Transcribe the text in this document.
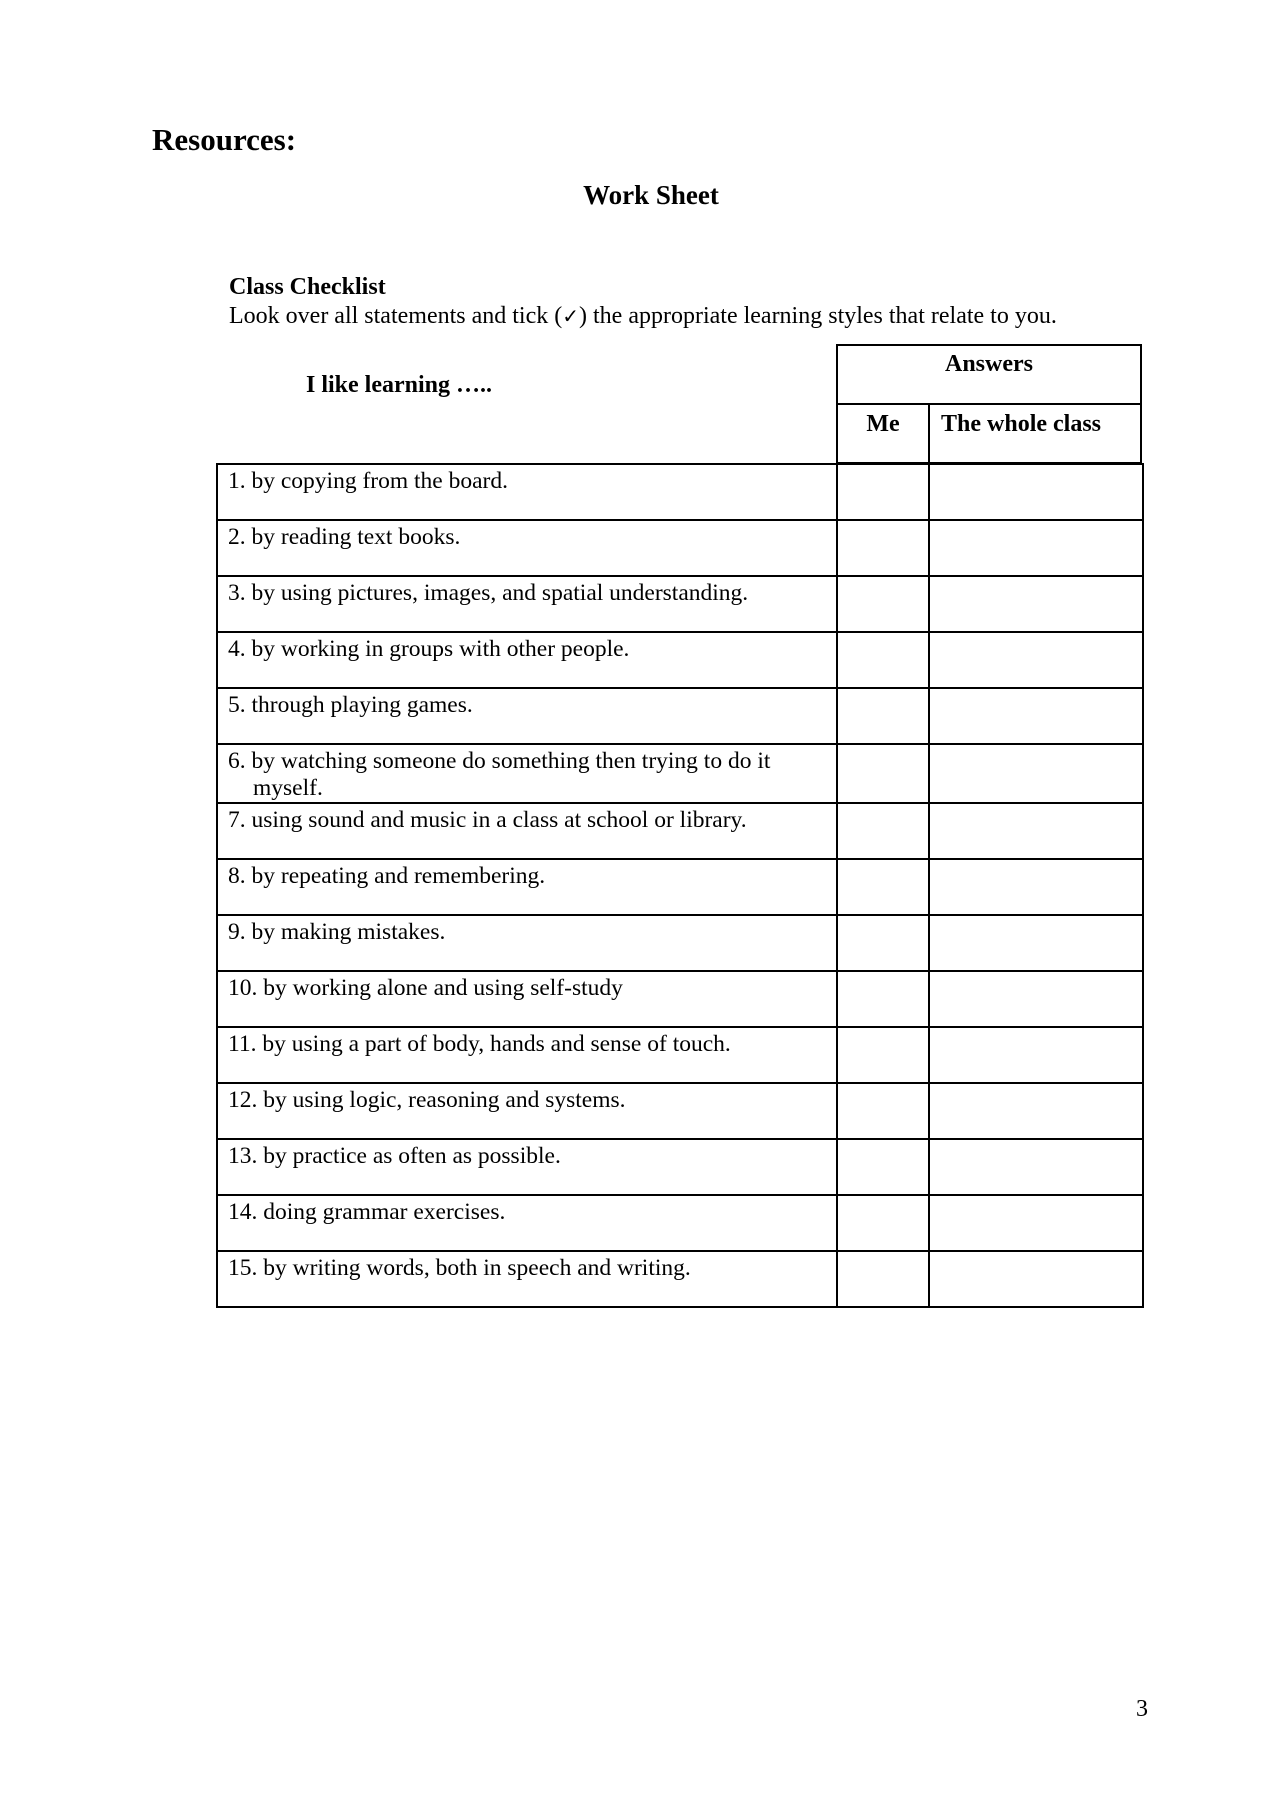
Resources:
Work Sheet
Class Checklist
Look over all statements and tick (✓) the appropriate learning styles that relate to you.
I like learning …..
Answers
Me	The whole class
1. by copying from the board.		
2. by reading text books.		
3. by using pictures, images, and spatial understanding.		
4. by working in groups with other people.		
5. through playing games.		
6. by watching someone do something then trying to do it
myself.		
7. using sound and music in a class at school or library.		
8. by repeating and remembering.		
9. by making mistakes.		
10. by working alone and using self-study		
11. by using a part of body, hands and sense of touch.		
12. by using logic, reasoning and systems.		
13. by practice as often as possible.		
14. doing grammar exercises.		
15. by writing words, both in speech and writing.		
3
